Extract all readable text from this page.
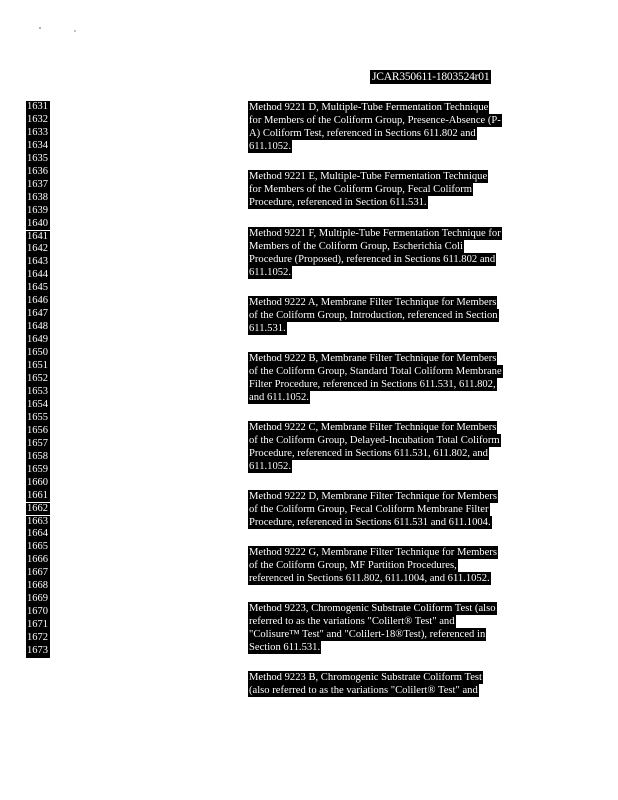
JCAR350611-1803524r01
1631
1632
1633
1634
1635
1636
1637
1638
1639
1640
1641
1642
1643
1644
1645
1646
1647
1648
1649
1650
1651
1652
1653
1654
1655
1656
1657
1658
1659
1660
1661
1662
1663
1664
1665
1666
1667
1668
1669
1670
1671
1672
1673
Method 9221 D, Multiple-Tube Fermentation Technique
for Members of the Coliform Group, Presence-Absence (P-
A) Coliform Test, referenced in Sections 611.802 and
611.1052.
Method 9221 E, Multiple-Tube Fermentation Technique
for Members of the Coliform Group, Fecal Coliform
Procedure, referenced in Section 611.531.
Method 9221 F, Multiple-Tube Fermentation Technique for
Members of the Coliform Group, Escherichia Coli
Procedure (Proposed), referenced in Sections 611.802 and
611.1052.
Method 9222 A, Membrane Filter Technique for Members
of the Coliform Group, Introduction, referenced in Section
611.531.
Method 9222 B, Membrane Filter Technique for Members
of the Coliform Group, Standard Total Coliform Membrane
Filter Procedure, referenced in Sections 611.531, 611.802,
and 611.1052.
Method 9222 C, Membrane Filter Technique for Members
of the Coliform Group, Delayed-Incubation Total Coliform
Procedure, referenced in Sections 611.531, 611.802, and
611.1052.
Method 9222 D, Membrane Filter Technique for Members
of the Coliform Group, Fecal Coliform Membrane Filter
Procedure, referenced in Sections 611.531 and 611.1004.
Method 9222 G, Membrane Filter Technique for Members
of the Coliform Group, MF Partition Procedures,
referenced in Sections 611.802, 611.1004, and 611.1052.
Method 9223, Chromogenic Substrate Coliform Test (also
referred to as the variations "Colilert® Test" and
"Colisure™ Test" and "Colilert-18®Test), referenced in
Section 611.531.
Method 9223 B, Chromogenic Substrate Coliform Test
(also referred to as the variations "Colilert® Test" and
